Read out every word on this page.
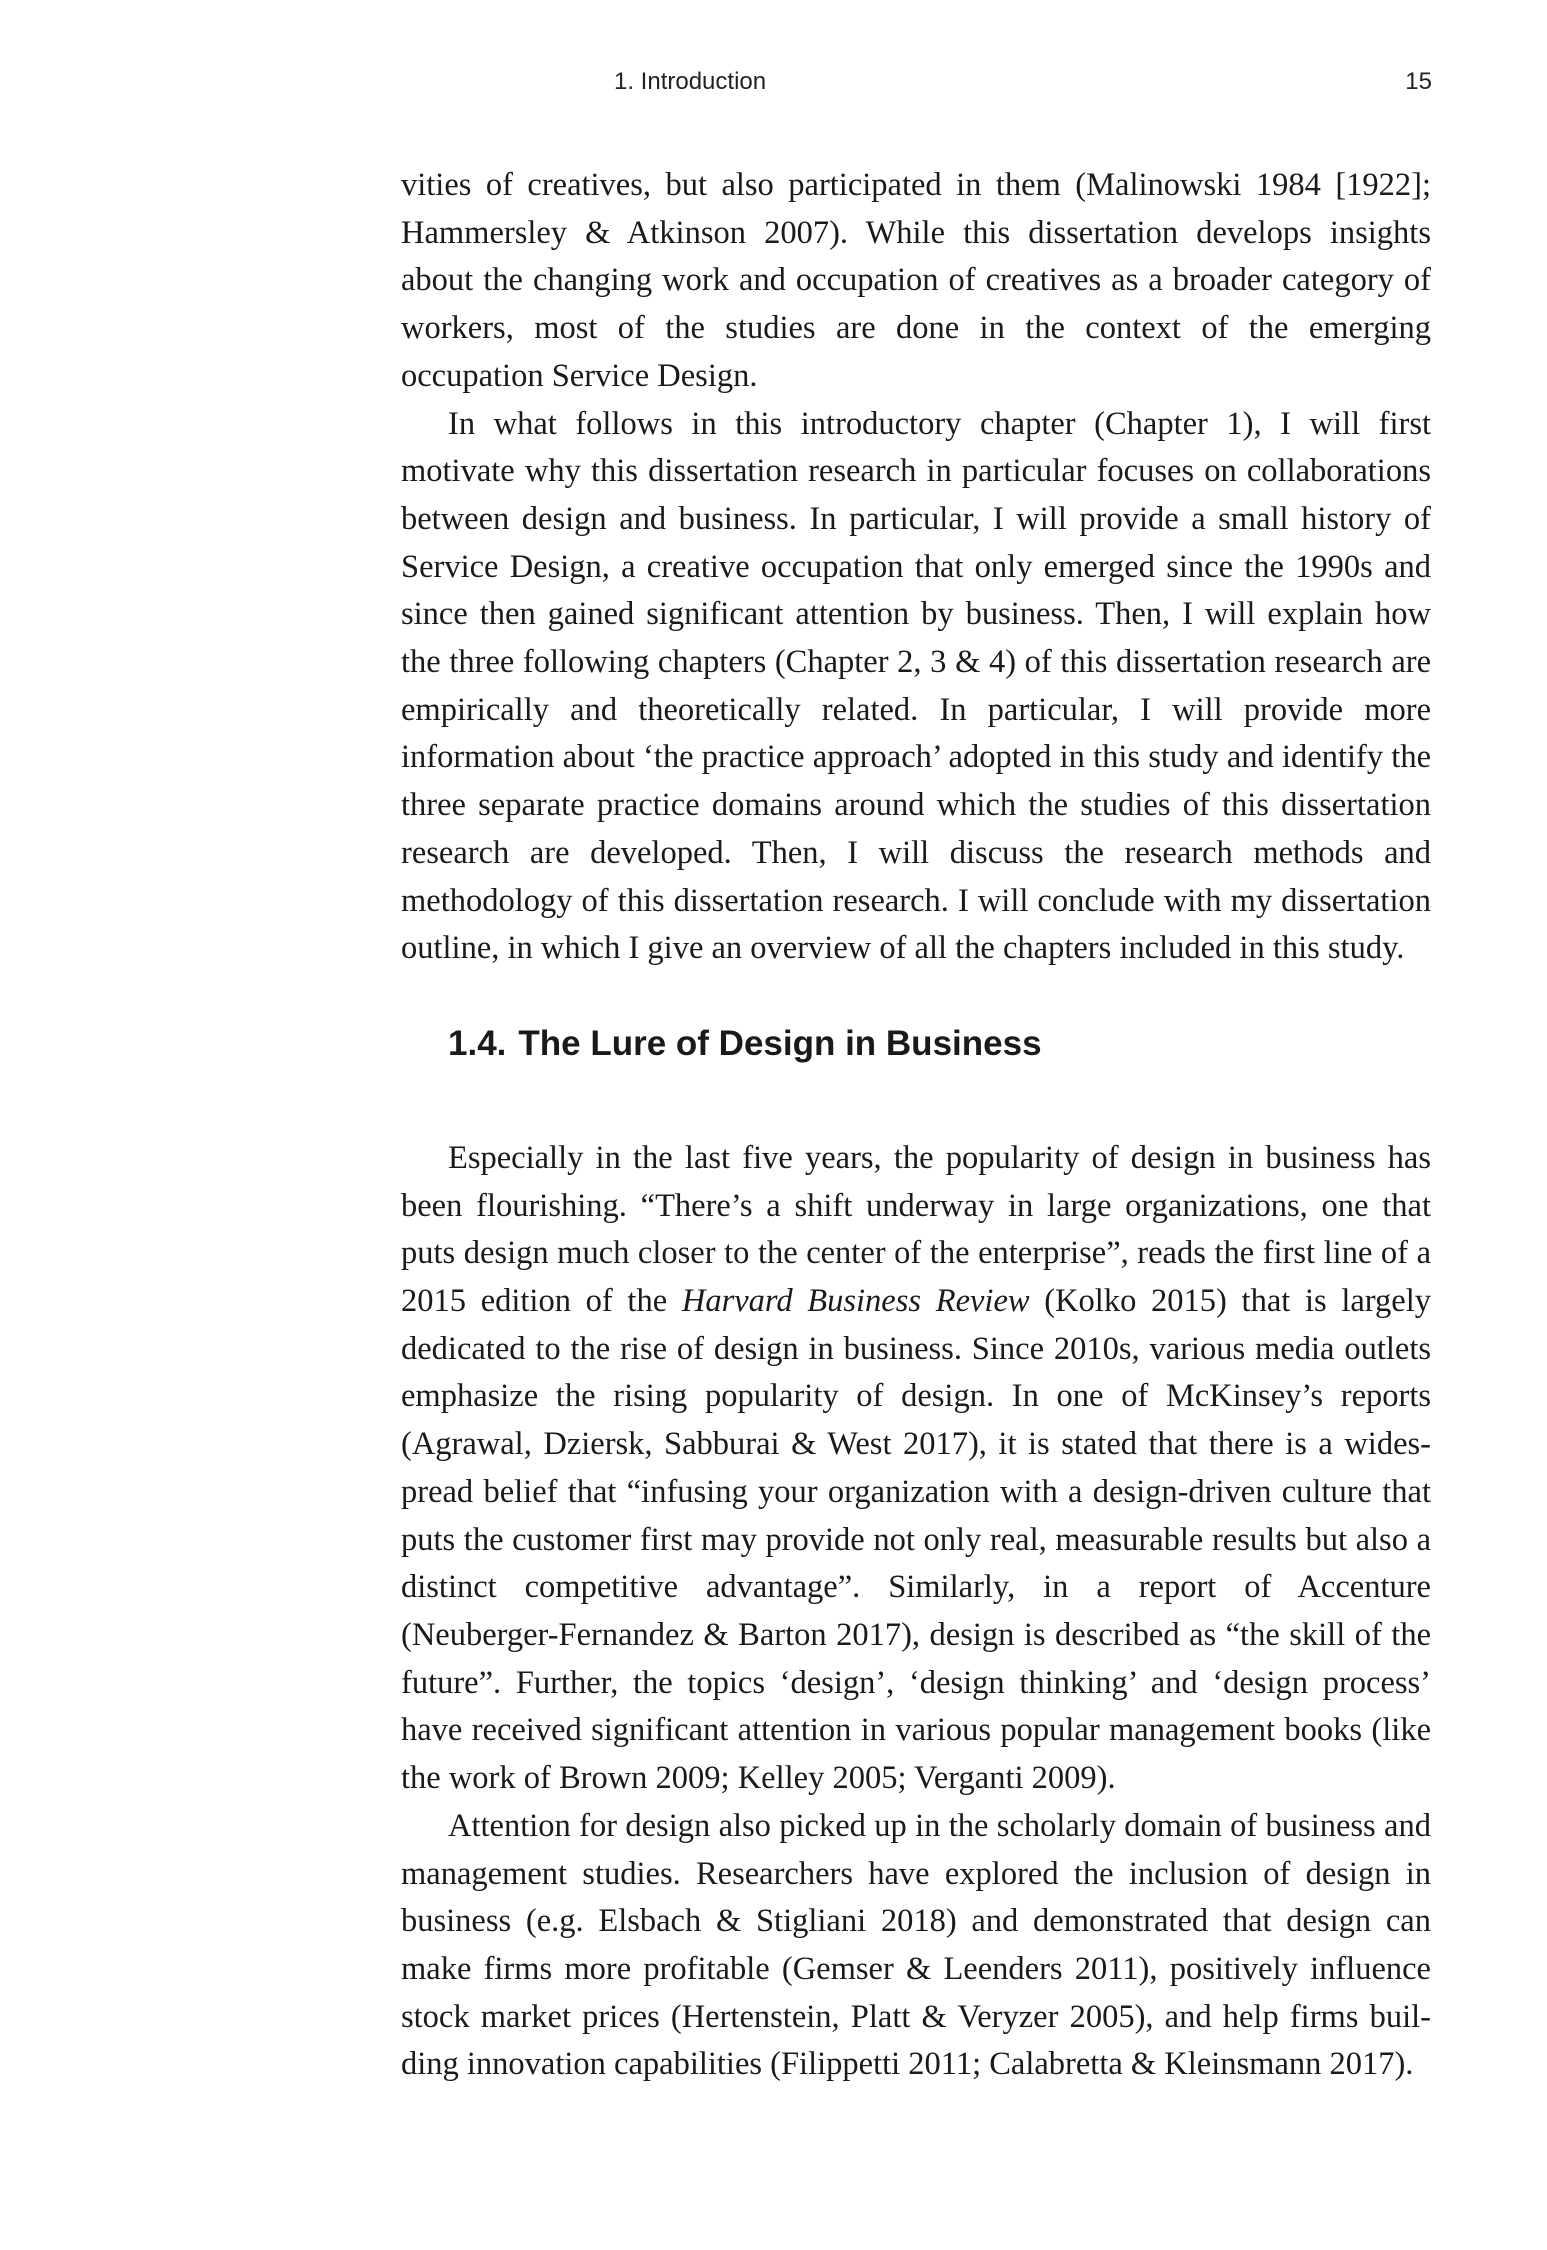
1. Introduction	15

vities of creatives, but also participated in them (Malinowski 1984 [1922]; Hammersley & Atkinson 2007). While this dissertation develops insights about the changing work and occupation of creatives as a broader category of workers, most of the studies are done in the context of the emerging occupation Service Design.

In what follows in this introductory chapter (Chapter 1), I will first motivate why this dissertation research in particular focuses on collaborations between design and business. In particular, I will provide a small history of Service Design, a creative occupation that only emerged since the 1990s and since then gained significant attention by business. Then, I will explain how the three following chapters (Chapter 2, 3 & 4) of this dissertation research are empirically and theoretically related. In particular, I will provide more information about ‘the practice approach’ adopted in this study and identify the three separate practice domains around which the studies of this dissertation research are developed. Then, I will discuss the research methods and methodology of this dissertation research. I will conclude with my dissertation outline, in which I give an overview of all the chapters included in this study.

1.4. The Lure of Design in Business

Especially in the last five years, the popularity of design in business has been flourishing. “There’s a shift underway in large organizations, one that puts design much closer to the center of the enterprise”, reads the first line of a 2015 edition of the Harvard Business Review (Kolko 2015) that is largely dedicated to the rise of design in business. Since 2010s, various media outlets emphasize the rising popularity of design. In one of McKinsey’s reports (Agrawal, Dziersk, Sabburai & West 2017), it is stated that there is a widespread belief that “infusing your organization with a design-driven culture that puts the customer first may provide not only real, measurable results but also a distinct competitive advantage”. Similarly, in a report of Accenture (Neuberger-Fernandez & Barton 2017), design is described as “the skill of the future”. Further, the topics ‘design’, ‘design thinking’ and ‘design process’ have received significant attention in various popular management books (like the work of Brown 2009; Kelley 2005; Verganti 2009).

Attention for design also picked up in the scholarly domain of business and management studies. Researchers have explored the inclusion of design in business (e.g. Elsbach & Stigliani 2018) and demonstrated that design can make firms more profitable (Gemser & Leenders 2011), positively influence stock market prices (Hertenstein, Platt & Veryzer 2005), and help firms building innovation capabilities (Filippetti 2011; Calabretta & Kleinsmann 2017).
